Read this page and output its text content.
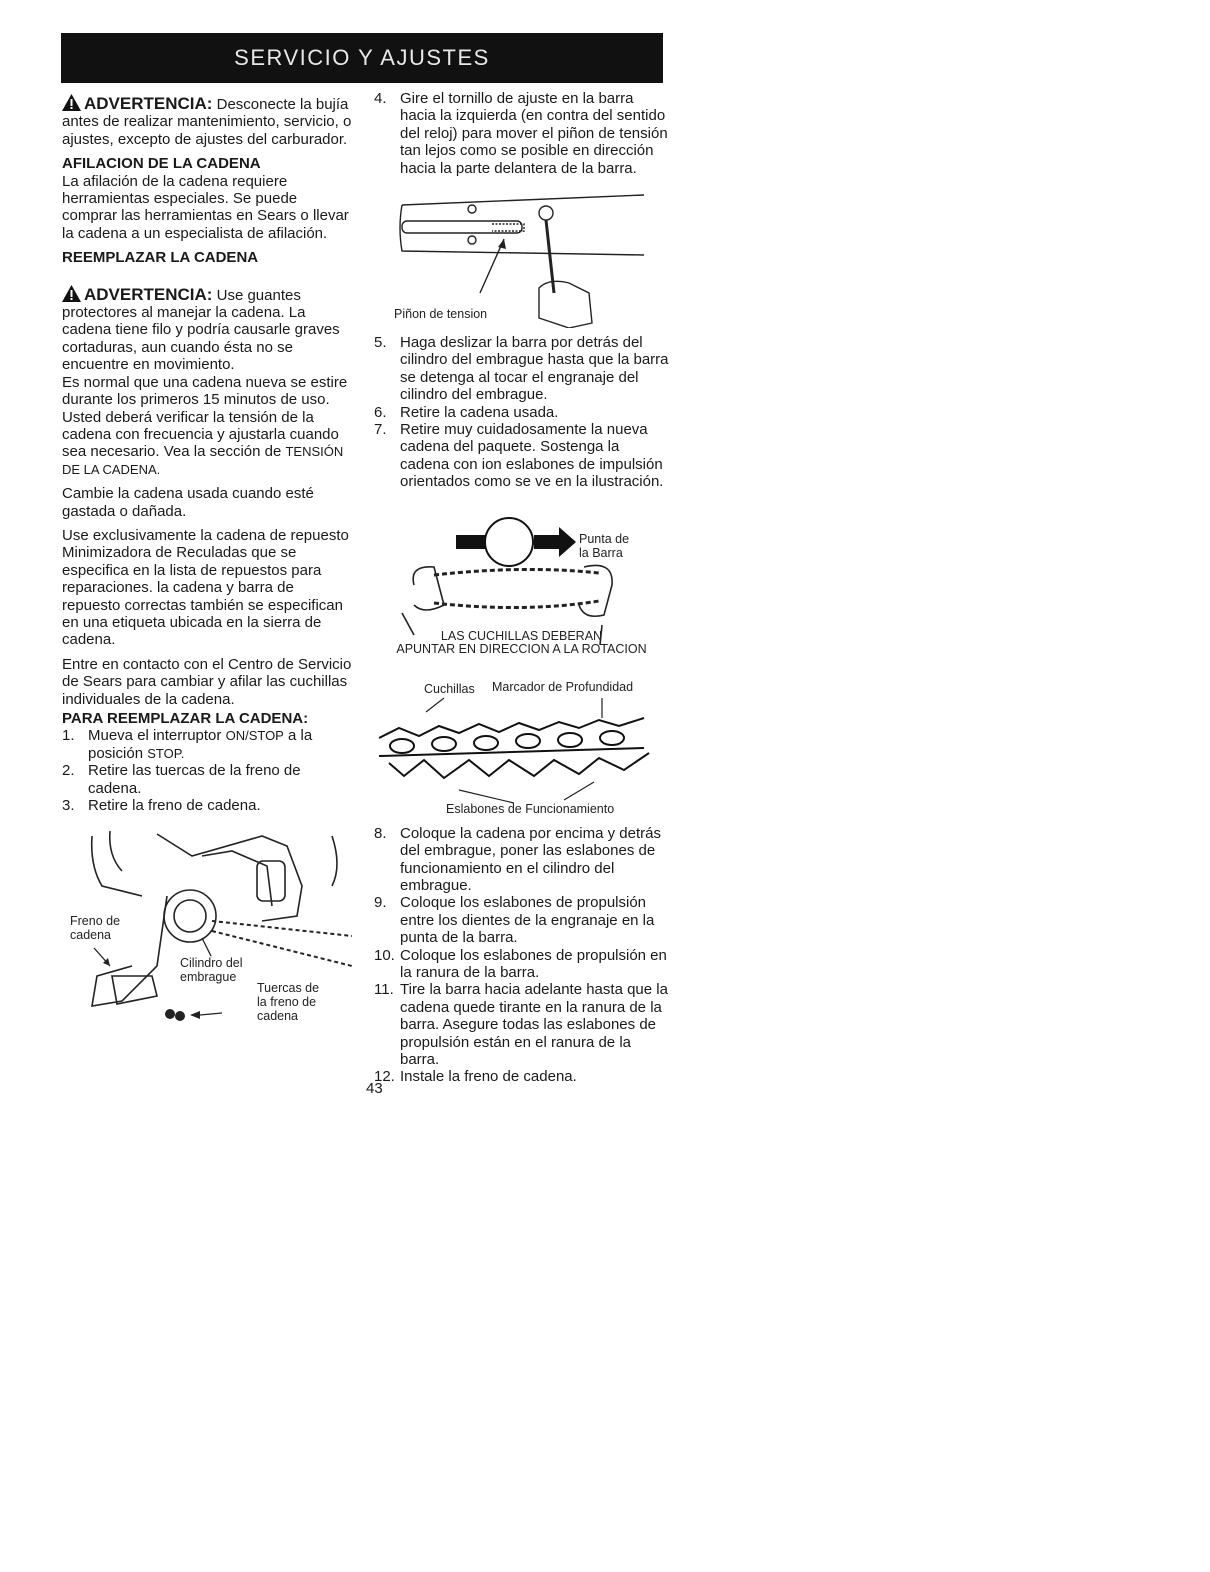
SERVICIO Y AJUSTES

ADVERTENCIA: Desconecte la bujía antes de realizar mantenimiento, servicio, o ajustes, excepto de ajustes del carburador.

AFILACION DE LA CADENA

La afilación de la cadena requiere herramientas especiales. Se puede comprar las herramientas en Sears o llevar la cadena a un especialista de afilación.

REEMPLAZAR LA CADENA

ADVERTENCIA: Use guantes protectores al manejar la cadena. La cadena tiene filo y podría causarle graves cortaduras, aun cuando ésta no se encuentre en movimiento.

Es normal que una cadena nueva se estire durante los primeros 15 minutos de uso. Usted deberá verificar la tensión de la cadena con frecuencia y ajustarla cuando sea necesario. Vea la sección de TENSIÓN DE LA CADENA.

Cambie la cadena usada cuando esté gastada o dañada.

Use exclusivamente la cadena de repuesto Minimizadora de Reculadas que se especifica en la lista de repuestos para reparaciones. la cadena y barra de repuesto correctas también se especifican en una etiqueta ubicada en la sierra de cadena.

Entre en contacto con el Centro de Servicio de Sears para cambiar y afilar las cuchillas individuales de la cadena.

PARA REEMPLAZAR LA CADENA:
1. Mueva el interruptor ON/STOP a la posición STOP.
2. Retire las tuercas de la freno de cadena.
3. Retire la freno de cadena.
Freno de cadena
Cilindro del embrague
Tuercas de la freno de cadena
4. Gire el tornillo de ajuste en la barra hacia la izquierda (en contra del sentido del reloj) para mover el piñon de tensión tan lejos como se posible en dirección hacia la parte delantera de la barra.
Piñon de tension
5. Haga deslizar la barra por detrás del cilindro del embrague hasta que la barra se detenga al tocar el engranaje del cilindro del embrague.
6. Retire la cadena usada.
7. Retire muy cuidadosamente la nueva cadena del paquete. Sostenga la cadena con ion eslabones de impulsión orientados como se ve en la ilustración.
Punta de la Barra
LAS CUCHILLAS DEBERAN
APUNTAR EN DIRECCION A LA ROTACION
Cuchillas Marcador de Profundidad
Eslabones de Funcionamiento
8. Coloque la cadena por encima y detrás del embrague, poner las eslabones de funcionamiento en el cilindro del embrague.
9. Coloque los eslabones de propulsión entre los dientes de la engranaje en la punta de la barra.
10. Coloque los eslabones de propulsión en la ranura de la barra.
11. Tire la barra hacia adelante hasta que la cadena quede tirante en la ranura de la barra. Asegure todas las eslabones de propulsión están en el ranura de la barra.
12. Instale la freno de cadena.
43
